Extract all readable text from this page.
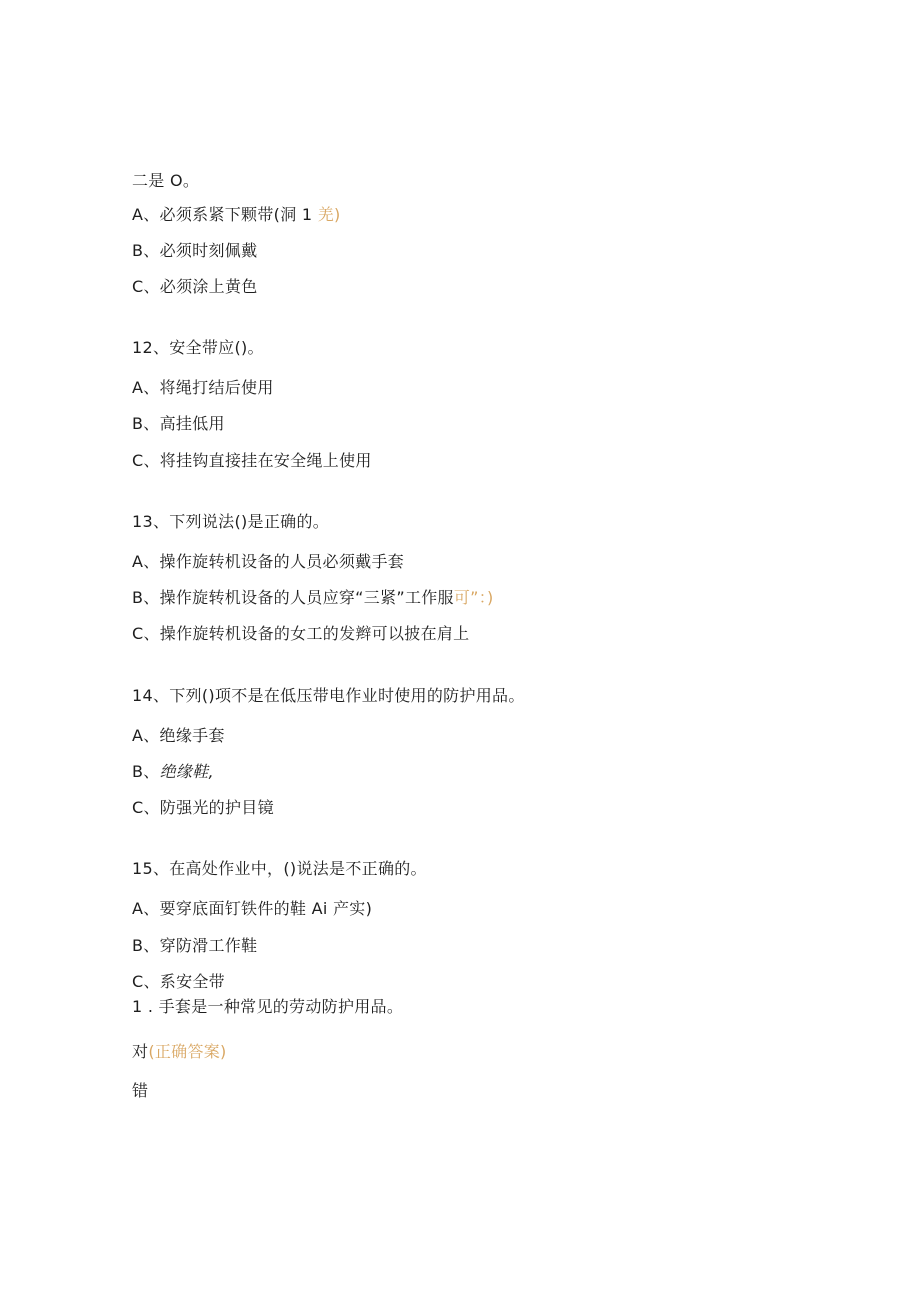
二是 O。
A、必须系紧下颗带(洞 1 羌)
B、必须时刻佩戴
C、必须涂上黄色
12、安全带应()。
A、将绳打结后使用
B、高挂低用
C、将挂钩直接挂在安全绳上使用
13、下列说法()是正确的。
A、操作旋转机设备的人员必须戴手套
B、操作旋转机设备的人员应穿“三紧”工作服可”：)
C、操作旋转机设备的女工的发辫可以披在肩上
14、下列()项不是在低压带电作业时使用的防护用品。
A、绝缘手套
B、绝缘鞋,
C、防强光的护目镜
15、在高处作业中，()说法是不正确的。
A、要穿底面钉铁件的鞋 Ai 产实)
B、穿防滑工作鞋
C、系安全带
1 . 手套是一种常见的劳动防护用品。
对(正确答案)
错
